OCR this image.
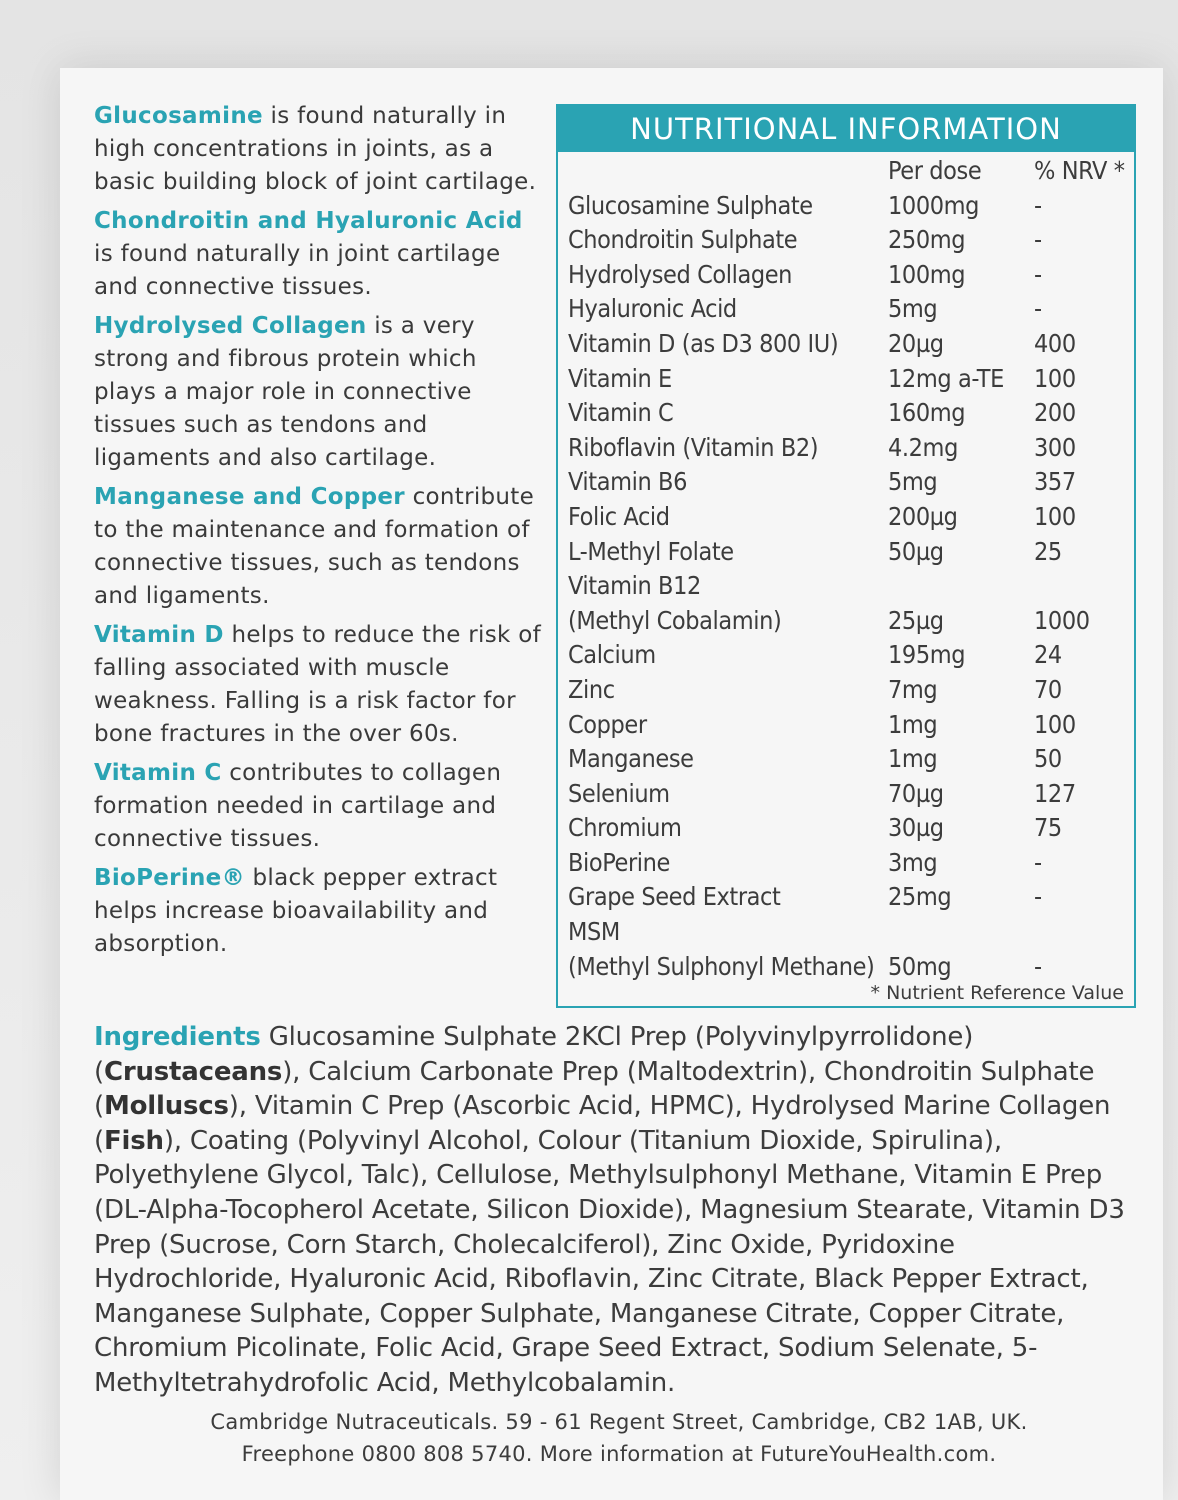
Glucosamine is found naturally in high concentrations in joints, as a basic building block of joint cartilage.

Chondroitin and Hyaluronic Acid is found naturally in joint cartilage and connective tissues.

Hydrolysed Collagen is a very strong and fibrous protein which plays a major role in connective tissues such as tendons and ligaments and also cartilage.

Manganese and Copper contribute to the maintenance and formation of connective tissues, such as tendons and ligaments.

Vitamin D helps to reduce the risk of falling associated with muscle weakness. Falling is a risk factor for bone fractures in the over 60s.

Vitamin C contributes to collagen formation needed in cartilage and connective tissues.

BioPerine® black pepper extract helps increase bioavailability and absorption.

NUTRITIONAL INFORMATION
Per dose	% NRV *
Glucosamine Sulphate	1000mg	-
Chondroitin Sulphate	250mg	-
Hydrolysed Collagen	100mg	-
Hyaluronic Acid	5mg	-
Vitamin D (as D3 800 IU)	20µg	400
Vitamin E	12mg a-TE	100
Vitamin C	160mg	200
Riboflavin (Vitamin B2)	4.2mg	300
Vitamin B6	5mg	357
Folic Acid	200µg	100
L-Methyl Folate	50µg	25
Vitamin B12
(Methyl Cobalamin)	25µg	1000
Calcium	195mg	24
Zinc	7mg	70
Copper	1mg	100
Manganese	1mg	50
Selenium	70µg	127
Chromium	30µg	75
BioPerine	3mg	-
Grape Seed Extract	25mg	-
MSM
(Methyl Sulphonyl Methane) 50mg	-
* Nutrient Reference Value
Ingredients Glucosamine Sulphate 2KCl Prep (Polyvinylpyrrolidone) (Crustaceans), Calcium Carbonate Prep (Maltodextrin), Chondroitin Sulphate (Molluscs), Vitamin C Prep (Ascorbic Acid, HPMC), Hydrolysed Marine Collagen (Fish), Coating (Polyvinyl Alcohol, Colour (Titanium Dioxide, Spirulina), Polyethylene Glycol, Talc), Cellulose, Methylsulphonyl Methane, Vitamin E Prep (DL-Alpha-Tocopherol Acetate, Silicon Dioxide), Magnesium Stearate, Vitamin D3 Prep (Sucrose, Corn Starch, Cholecalciferol), Zinc Oxide, Pyridoxine Hydrochloride, Hyaluronic Acid, Riboflavin, Zinc Citrate, Black Pepper Extract, Manganese Sulphate, Copper Sulphate, Manganese Citrate, Copper Citrate, Chromium Picolinate, Folic Acid, Grape Seed Extract, Sodium Selenate, 5-Methyltetrahydrofolic Acid, Methylcobalamin.
Cambridge Nutraceuticals. 59 - 61 Regent Street, Cambridge, CB2 1AB, UK.
Freephone 0800 808 5740. More information at FutureYouHealth.com.
